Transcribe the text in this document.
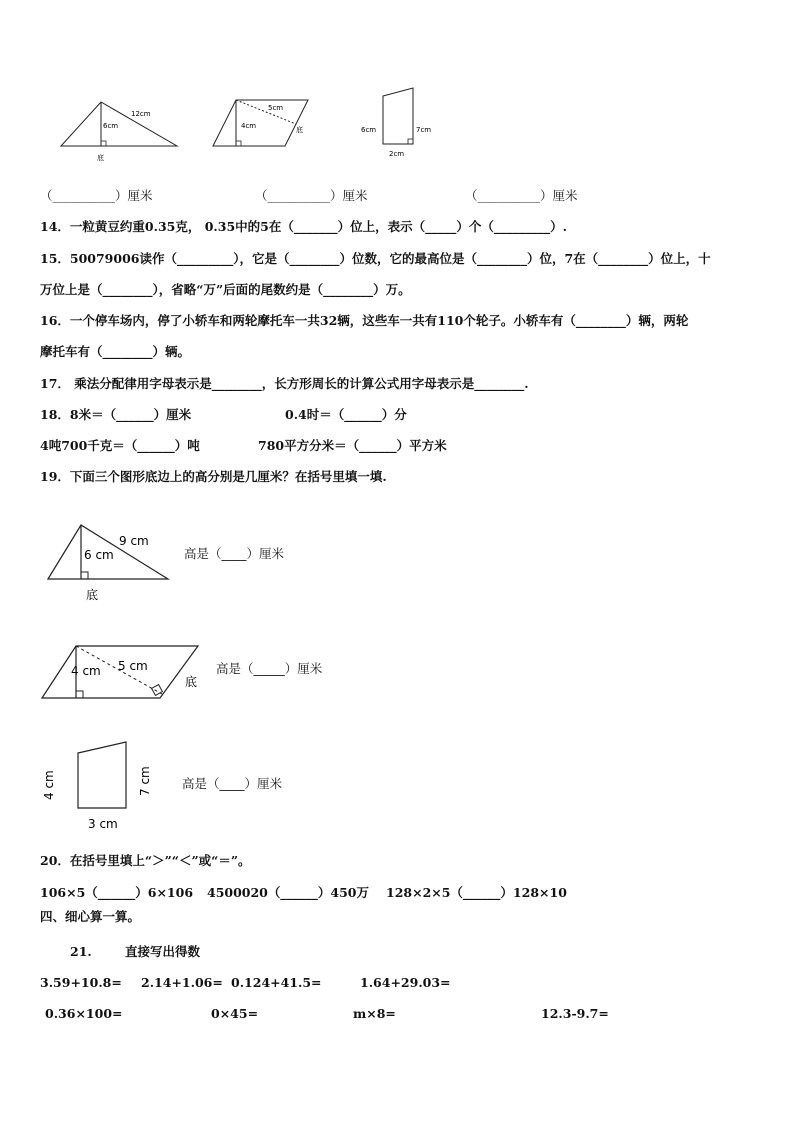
12cm
6cm
底
5cm
4cm	底	6cm	7cm
2cm
（__________）厘米	（__________）厘米	（__________）厘米
14．一粒黄豆约重0.35克， 0.35中的5在（_______）位上，表示（_____）个（_________）.
15．50079006读作（_________），它是（________）位数，它的最高位是（________）位，7在（________）位上，十
万位上是（________），省略“万”后面的尾数约是（________）万。
16．一个停车场内，停了小轿车和两轮摩托车一共32辆，这些车一共有110个轮子。小轿车有（________）辆，两轮
摩托车有（________）辆。
17． 乘法分配律用字母表示是________，长方形周长的计算公式用字母表示是________.
18．8米＝（______）厘米	0.4时＝（______）分
4吨700千克＝（______）吨	780平方分米＝（______）平方米
19．下面三个图形底边上的高分别是几厘米？在括号里填一填.
9 cm
6 cm
底
高是（____）厘米
5 cm
4 cm
底
高是（_____）厘米
4 cm	7 cm
3 cm
高是（____）厘米
20．在括号里填上“＞”“＜”或“＝”。
106×5（______）6×106 4500020（______）450万 128×2×5（______）128×10
四、细心算一算。
21.	直接写出得数
3.59+10.8= 2.14+1.06= 0.124+41.5=	1.64+29.03=
0.36×100=	0×45=	m×8=	12.3-9.7=
